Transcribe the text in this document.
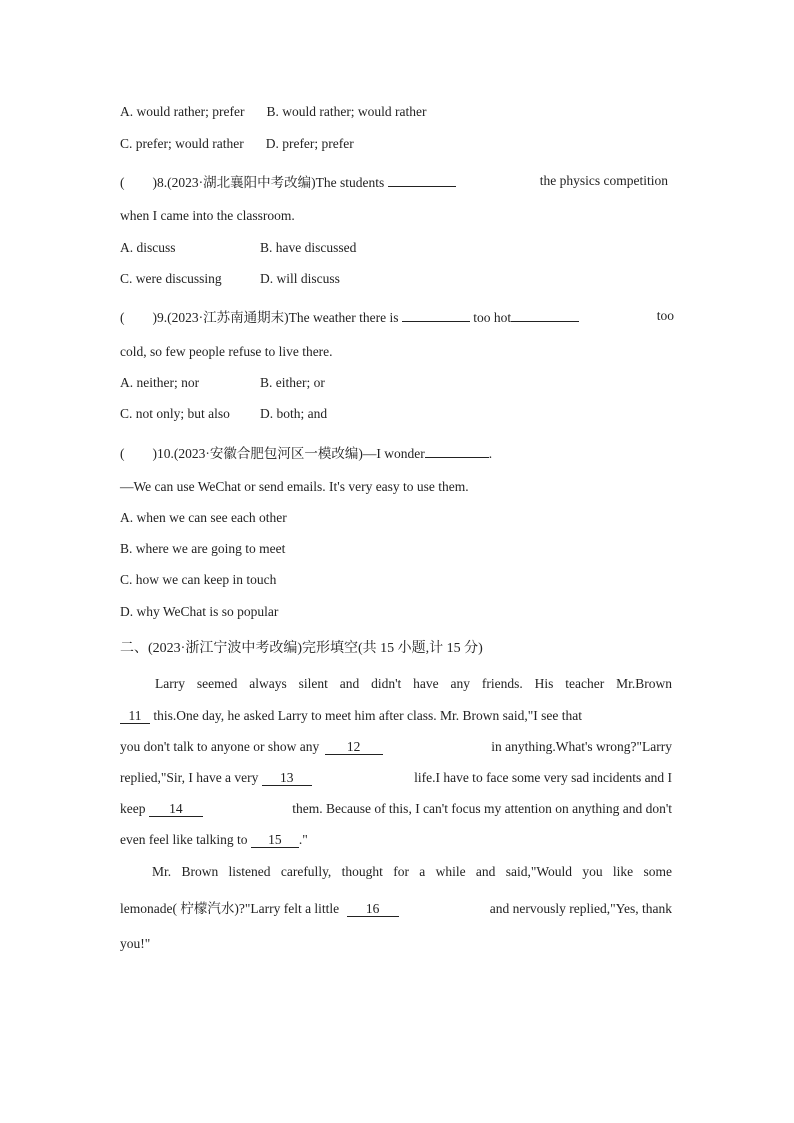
A. would rather; prefer B. would rather; would rather
C. prefer; would rather D. prefer; prefer
( )8.(2023·湖北襄阳中考改编)The students	the physics competition
when I came into the classroom.
A. discuss	B. have discussed
C. were discussing	D. will discuss
( )9.(2023·江苏南通期末)The weather there is	too hot	too
cold, so few people refuse to live there.
A. neither; nor	B. either; or
C. not only; but also D. both; and
( )10.(2023·安徽合肥包河区一模改编)—I wonder	.
—We can use WeChat or send emails. It's very easy to use them.
A. when we can see each other
B. where we are going to meet
C. how we can keep in touch
D. why WeChat is so popular
二、(2023·浙江宁波中考改编)完形填空(共 15 小题,计 15 分)
Larry seemed always silent and didn't have any friends. His teacher Mr.Brown
11 this.One day, he asked Larry to meet him after class. Mr. Brown said,"I see that
you don't talk to anyone or show any 12	in anything.What's wrong?"Larry
replied,"Sir, I have a very 13	life.I have to face some very sad incidents and I
keep 14	them. Because of this, I can't focus my attention on anything and don't
even feel like talking to 15 ."
Mr. Brown listened carefully, thought for a while and said,"Would you like some
lemonade( 柠檬汽水)?"Larry felt a little 16	and nervously replied,"Yes, thank
you!"
